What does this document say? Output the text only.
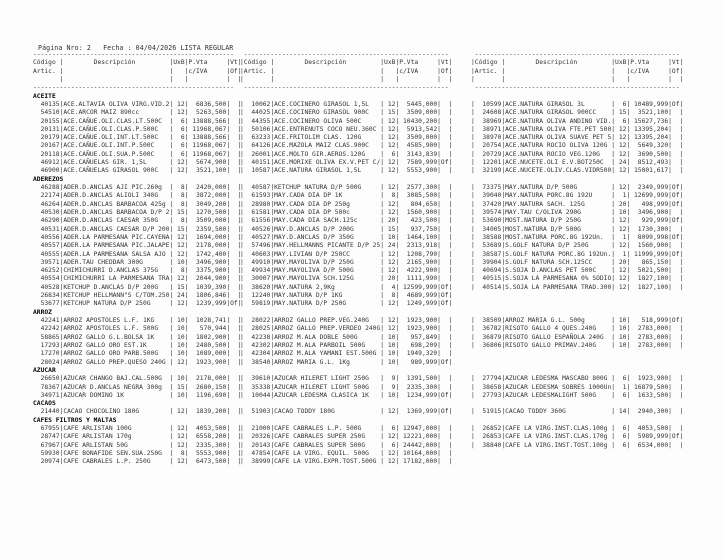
Página Nro: 2   Fecha : 04/04/2026 LISTA REGULAR
-----------------------------------------------------
Código |        Descripción         |UxB|P.Vta     |Vt|
Artic. |                            |   |c/IVA     |Of|
|                            |   |          |  |
-----------------------------------------------------
ACEITE
40135|ACE.ALTAVIA OLIVA VIRG.VID.2| 12|  6836,500|  |
54510|ACE.ARCOR MAIZ 890cc        | 12|  5263,500|  |
20155|ACE.CAÑUE.OLI.CLAS.LT.500C  |  6| 13888,566|  |
20131|ACE.CAÑUE.OLI.CLAS.P.500C   |  6| 11968,067|  |
20179|ACE.CAÑUE.OLI.INT.LT.500C   |  6| 13888,566|  |
20167|ACE.CAÑUE.OLI.INT.P.500C    |  6| 11968,067|  |
20118|ACE.CAÑUE.OLI.SUA.P.500C    |  6| 11968,067|  |
46912|ACE.CAÑUELAS GIR. 1,5L      | 12|  5674,900|  |
46900|ACE.CAÑUELAS GIRASOL 900C   | 12|  3521,100|  |
ADEREZOS
46288|ADER.D.ANCLAS AJI PIC.260g  |  8|  2420,000|  |
22174|ADER.D.ANCLAS ALIOLI 340G   |  8|  3872,000|  |
46264|ADER.D.ANCLAS BARBACOA 425g |  8|  3049,200|  |
40530|ADER.D.ANCLAS BARBACOA D/P 2| 15|  1270,500|  |
46290|ADER.D.ANCLAS CAESAR 350G   |  8|  3509,000|  |
40531|ADER.D.ANCLAS CAESAR D/P 200| 15|  2359,500|  |
40556|ADER.LA PARMESANA PIC.CAYENA| 12|  1694,000|  |
40557|ADER.LA PARMESANA PIC.JALAPE| 12|  2178,000|  |
40555|ADER.LA PARMESANA SALSA AJO | 12|  1742,400|  |
39571|ADER.TAU CHEDDAR 300G       | 10|  3496,900|  |
46252|CHIMICHURRI D.ANCLAS 375G   |  8|  3375,900|  |
40554|CHIMICHURRI LA PARMESANA TRA| 12|  2044,900|  |
40528|KETCHUP D.ANCLAS D/P 200G   | 15|  1039,390|  |
26834|KETCHUP HELLMANN"S C/TOM.250| 24|  1806,846|  |
53677|KETCHUP NATURA D/P 250G     | 12|  1239,999|Of|
ARROZ
42241|ARROZ APOSTOLES L.F. 1KG    | 10|  1028,741|  |
42242|ARROZ APOSTOLES L.F. 500G   | 10|   570,944|  |
58865|ARROZ GALLO G.L.BOLSA 1K    | 10|  1802,900|  |
17293|ARROZ GALLO ORO EST.1K      | 10|  2480,500|  |
17270|ARROZ GALLO ORO PARB.500G   | 10|  1089,000|  |
28024|ARROZ GALLO PREP.QUESO 240G | 12|  1923,900|  |
AZUCAR
26650|AZUCAR CHANGO BAJ.CAL.500G  | 10|  2178,000|  |
78367|AZUCAR D.ANCLAS NEGRA 300g  | 15|  2680,150|  |
34971|AZUCAR DOMINO 1K            | 10|  1196,690|  |
CACAOS
21440|CACAO CHOCOLINO 180G        | 12|  1839,200|  |
CAFES FILTROS Y MALTAS
67955|CAFE ARLISTAN 100G          | 12|  4053,500|  |
28747|CAFE ARLISTAN 170g          | 12|  6558,200|  |
67967|CAFE ARLISTAN 50G           | 12|  2335,300|  |
59930|CAFE BONAFIDE SEN.SUA.250G  |  8|  5553,900|  |
20974|CAFE CABRALES L.P. 250G     | 12|  6473,500|  |
------------------------------------------------------
|Código |        Descripción         |UxB|P.Vta     |Vt|
|Artic. |                            |   |c/IVA     |Of|
|       |                            |   |          |  |
------------------------------------------------------
|  10062|ACE.COCINERO GIRASOL 1,5L   | 12|  5445,000|  |
|  44025|ACE.COCINERO GIRASOL 900C   | 15|  3509,000|  |
|  44355|ACE.COCINERO OLIVA 500C     | 12| 10430,200|  |
|  50106|ACE.ENTRENUTS COCO NEU.360C | 12|  5913,542|  |
|  63233|ACE.FRITOLIM CLAS. 120G     | 12|  3509,000|  |
|  64126|ACE.MAZOLA MAIZ CLAS.900C   | 12|  4585,900|  |
|  26001|ACE.MOLTO GIR.AEROS.120G    |  6|  3143,839|  |
|  40151|ACE.MORIXE OLIVA EX.V.PET C/| 12|  7589,999|Of|
|  10587|ACE.NATURA GIRASOL 1,5L     | 12|  5553,900|  |
|  40587|KETCHUP NATURA D/P 500G     | 12|  2577,300|  |
|  61593|MAY.CADA DIA DP 1K          |  8|  3085,500|  |
|  28980|MAY.CADA DIA DP 250g        | 12|   804,650|  |
|  61581|MAY.CADA DIA DP 500c        | 12|  1560,900|  |
|  61556|MAY.CADA DIA SACH.125c      | 20|   423,500|  |
|  40526|MAY.D.ANCLAS D/P 200G       | 15|   937,750|  |
|  40527|MAY.D.ANCLAS D/P 350G       | 10|  1464,100|  |
|  57496|MAY.HELLMANNS PICANTE D/P 25| 24|  2313,918|  |
|  40603|MAY.LIVIAN D/P 250CC        | 12|  1208,790|  |
|  49910|MAY.MAYOLIVA D/P 250G       | 12|  2165,900|  |
|  49934|MAY.MAYOLIVA D/P 500G       | 12|  4222,900|  |
|  30007|MAY.MAYOLIVA SCH.125G       | 20|  1111,990|  |
|  38620|MAY.NATURA 2,9Kg            |  4| 12599,999|Of|
|  12240|MAY.NATURA D/P 1KG          |  8|  4689,999|Of|
|  59819|MAY.NATURA D/P 250G         | 12|  1249,999|Of|
|  28022|ARROZ GALLO PREP.VEG.240G   | 12|  1923,900|  |
|  28025|ARROZ GALLO PREP.VERDEO 240G| 12|  1923,900|  |
|  42238|ARROZ M.ALA DOBLE 500G      | 10|   957,849|  |
|  42302|ARROZ M.ALA PARBOIL 500G    | 10|   698,209|  |
|  42304|ARROZ M.ALA YAMANI EST.500G | 10|  1949,320|  |
|  38540|ARROZ MARIA G.L. 1Kg        | 10|   989,999|Of|
|  39610|AZUCAR HILERET LIGHT 250G   |  9|  1391,500|  |
|  35338|AZUCAR HILERET LIGHT 500G   |  9|  2335,300|  |
|  10044|AZUCAR LEDESMA CLASICA 1K   | 10|  1234,999|Of|
|  51903|CACAO TODDY 180G            | 12|  1369,999|Of|
|  21000|CAFE CABRALES L.P. 500G     |  6| 12947,000|  |
|  20326|CAFE CABRALES SUPER 250G    | 12| 12221,000|  |
|  20143|CAFE CABRALES SUPER 500G    |  6| 24442,000|  |
|  47854|CAFE LA VIRG. EQUIL. 500G   | 12| 10164,000|  |
|  38999|CAFE LA VIRG.EXPR.TOST.500G | 12| 17182,000|  |
------------------------------------------------------
|Código |        Descripción         |UxB|P.Vta     |Vt|
|Artic. |                            |   |c/IVA     |Of|
|       |                            |   |          |  |
------------------------------------------------------
|  10599|ACE.NATURA GIRASOL 3L       |  6| 10489,999|Of|
|  24608|ACE.NATURA GIRASOL 900CC    | 15|  3521,100|  |
|  38969|ACE.NATURA OLIVA ANDINO VID.|  6| 15627,736|  |
|  38971|ACE.NATURA OLIVA FTE.PET 500| 12| 13395,204|  |
|  38970|ACE.NATURA OLIVA SUAVE PET 5| 12| 13395,204|  |
|  20754|ACE.NATURA ROCIO OLIVA 120G | 12|  5649,320|  |
|  20729|ACE.NATURA ROCIO VEG.120G   | 12|  3690,500|  |
|  12201|ACE.NUCETE.OLI E.V.BOT250C  | 24|  8512,493|  |
|  32199|ACE.NUCETE.OLIV.CLAS.VIDR500| 12| 15001,617|  |
|  73375|MAY.NATURA D/P 500G         | 12|  2349,999|Of|
|  39040|MAY.NATURA PORC.8G 192U     |  1| 12699,999|Of|
|  37420|MAY.NATURA SACH. 125G       | 20|   498,999|Of|
|  39574|MAY.TAU C/OLIVA 290G        | 10|  3496,900|  |
|  53690|MOST.NATURA D/P 250G        | 12|   929,999|Of|
|  34005|MOST.NATURA D/P 500G        | 12|  1730,300|  |
|  38588|MOST.NATURA PORC.8G 192Un.  |  1|  8099,998|Of|
|  53689|S.GOLF NATURA D/P 250G      | 12|  1560,900|  |
|  38587|S.GOLF NATURA PORC.8G 192Un.|  1| 11999,999|Of|
|  39904|S.GOLF NATURA SCH.125CC     | 20|   865,150|  |
|  40694|S.SOJA D.ANCLAS PET 500C    | 12|  5021,500|  |
|  40515|S.SOJA LA PARMESANA 0% SODIO| 12|  1827,100|  |
|  40514|S.SOJA LA PARMESANA TRAD.300| 12|  1827,100|  |
|  38509|ARROZ MARIA G.L. 500g       | 10|   518,999|Of|
|  36782|RISOTO GALLO 4 QUES.240G    | 10|  2783,000|  |
|  36879|RISOTO GALLO ESPAÑOLA 240G  | 10|  2783,000|  |
|  36806|RISOTO GALLO PRIMAV.240G    | 10|  2783,000|  |
|  27794|AZUCAR LEDESMA MASCABO 800G |  6|  1923,900|  |
|  38658|AZUCAR LEDESMA SOBRES 1000Un|  1| 16879,500|  |
|  27793|AZUCAR LEDESMALIGHT 500G    |  6|  1633,500|  |
|  51915|CACAO TODDY 360G            | 14|  2940,300|  |
|  26852|CAFE LA VIRG.INST.CLAS.100g |  6|  4053,500|  |
|  26853|CAFE LA VIRG.INST.CLAS.170g |  6|  5989,999|Of|
|  38840|CAFE LA VIRG.INST.TOST.100g |  6|  6534,000|  |
